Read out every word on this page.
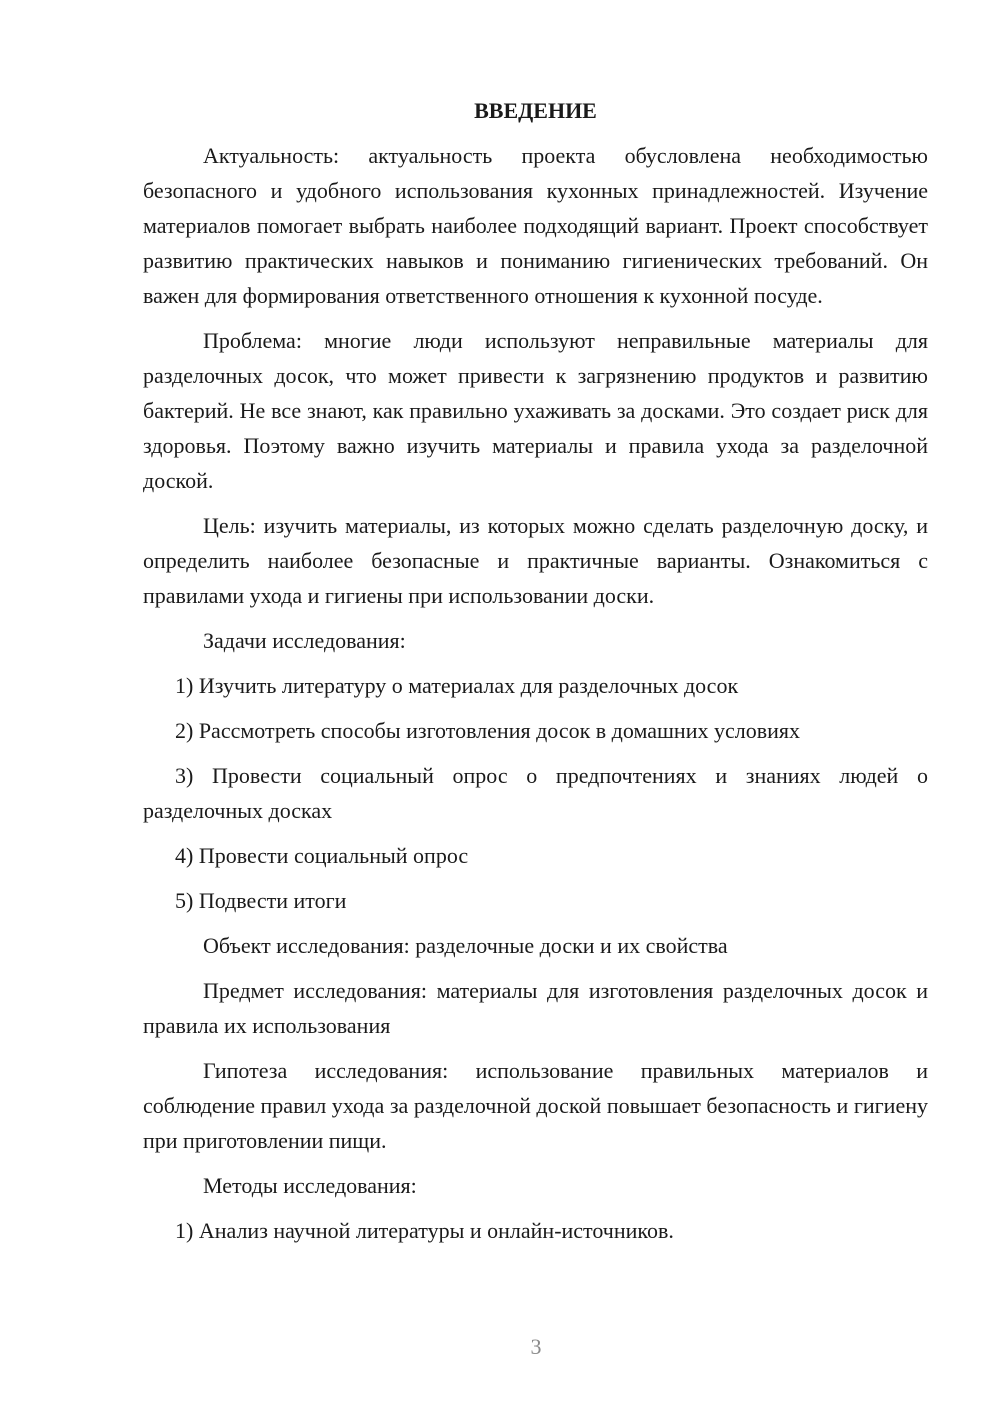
ВВЕДЕНИЕ

Актуальность: актуальность проекта обусловлена необходимостью безопасного и удобного использования кухонных принадлежностей. Изучение материалов помогает выбрать наиболее подходящий вариант. Проект способствует развитию практических навыков и пониманию гигиенических требований. Он важен для формирования ответственного отношения к кухонной посуде.

Проблема: многие люди используют неправильные материалы для разделочных досок, что может привести к загрязнению продуктов и развитию бактерий. Не все знают, как правильно ухаживать за досками. Это создает риск для здоровья. Поэтому важно изучить материалы и правила ухода за разделочной доской.

Цель: изучить материалы, из которых можно сделать разделочную доску, и определить наиболее безопасные и практичные варианты. Ознакомиться с правилами ухода и гигиены при использовании доски.

Задачи исследования:

1) Изучить литературу о материалах для разделочных досок

2) Рассмотреть способы изготовления досок в домашних условиях

3) Провести социальный опрос о предпочтениях и знаниях людей о разделочных досках

4) Провести социальный опрос

5) Подвести итоги

Объект исследования: разделочные доски и их свойства

Предмет исследования: материалы для изготовления разделочных досок и правила их использования

Гипотеза исследования: использование правильных материалов и соблюдение правил ухода за разделочной доской повышает безопасность и гигиену при приготовлении пищи.

Методы исследования:

1) Анализ научной литературы и онлайн-источников.

3
